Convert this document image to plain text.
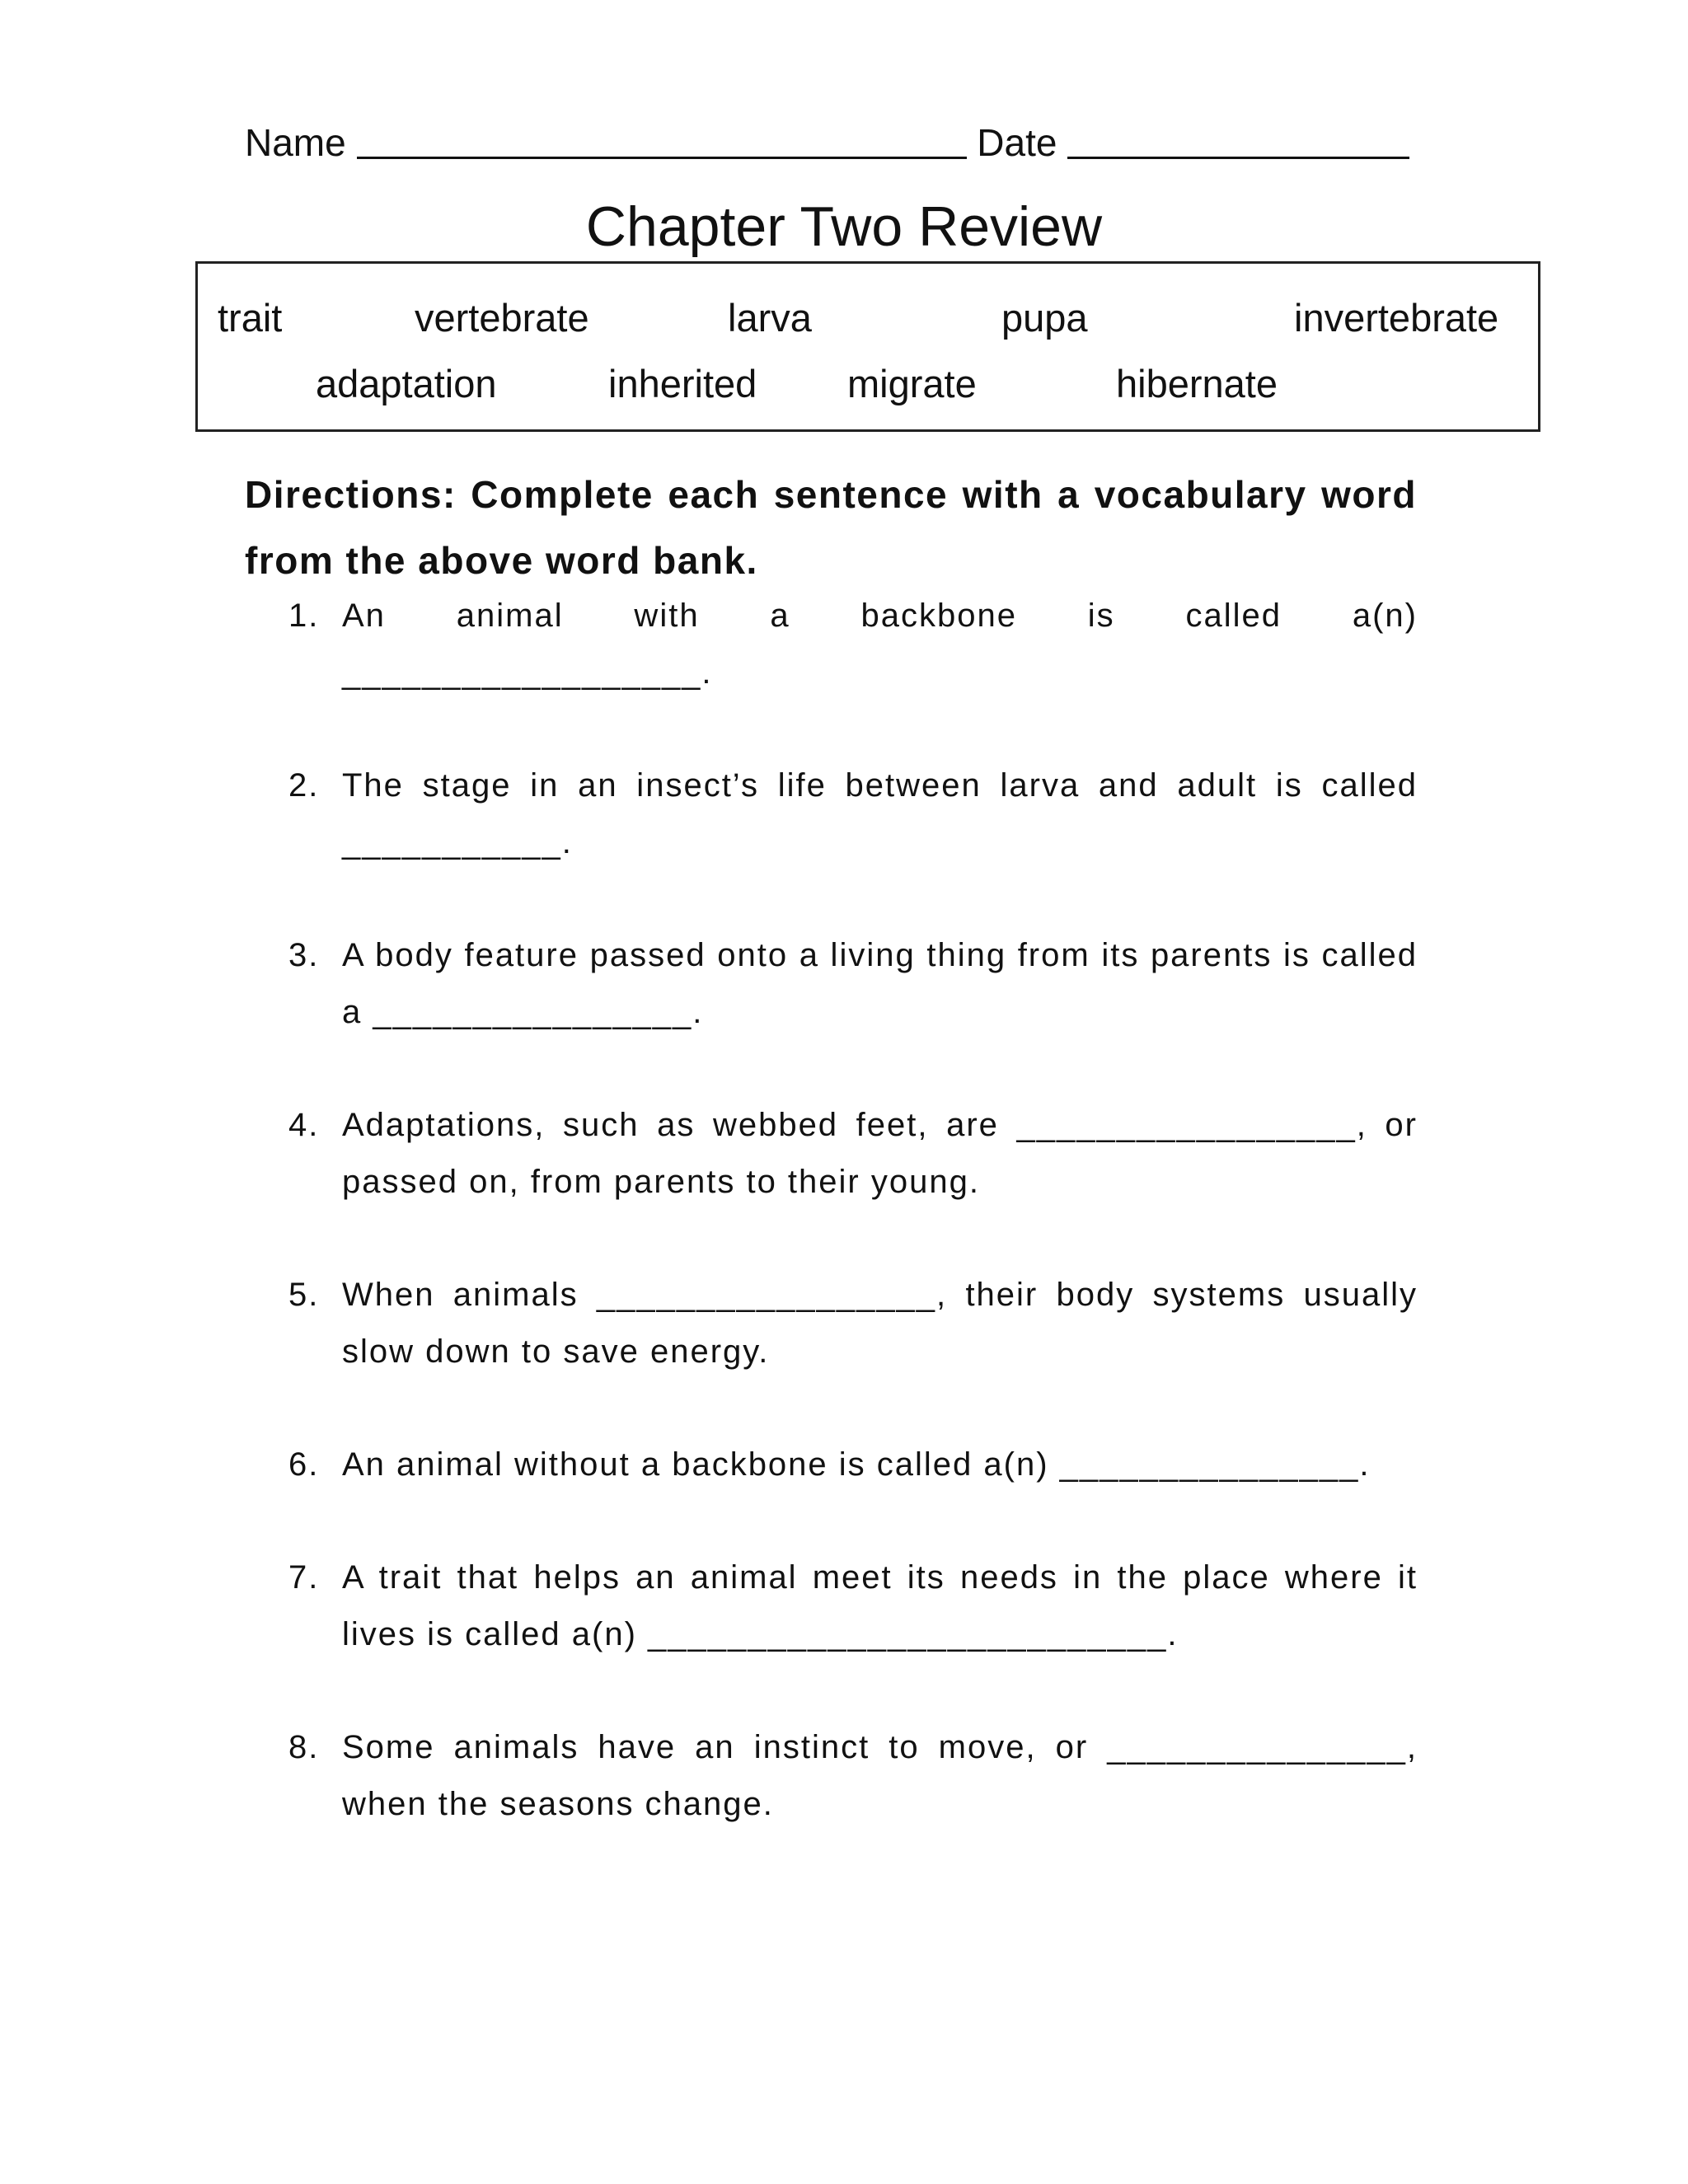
Name	Date
Chapter Two Review
trait	vertebrate	larva	pupa	invertebrate
adaptation	inherited migrate	hibernate
Directions: Complete each sentence with a vocabulary word from the above word bank.
1. An animal with a backbone is called a(n) __________________.
2. The stage in an insect’s life between larva and adult is called ___________.
3. A body feature passed onto a living thing from its parents is called a ________________.
4. Adaptations, such as webbed feet, are _________________, or passed on, from parents to their young.
5. When animals _________________, their body systems usually slow down to save energy.
6. An animal without a backbone is called a(n) _______________.
7. A trait that helps an animal meet its needs in the place where it lives is called a(n) __________________________.
8. Some animals have an instinct to move, or _______________, when the seasons change.
